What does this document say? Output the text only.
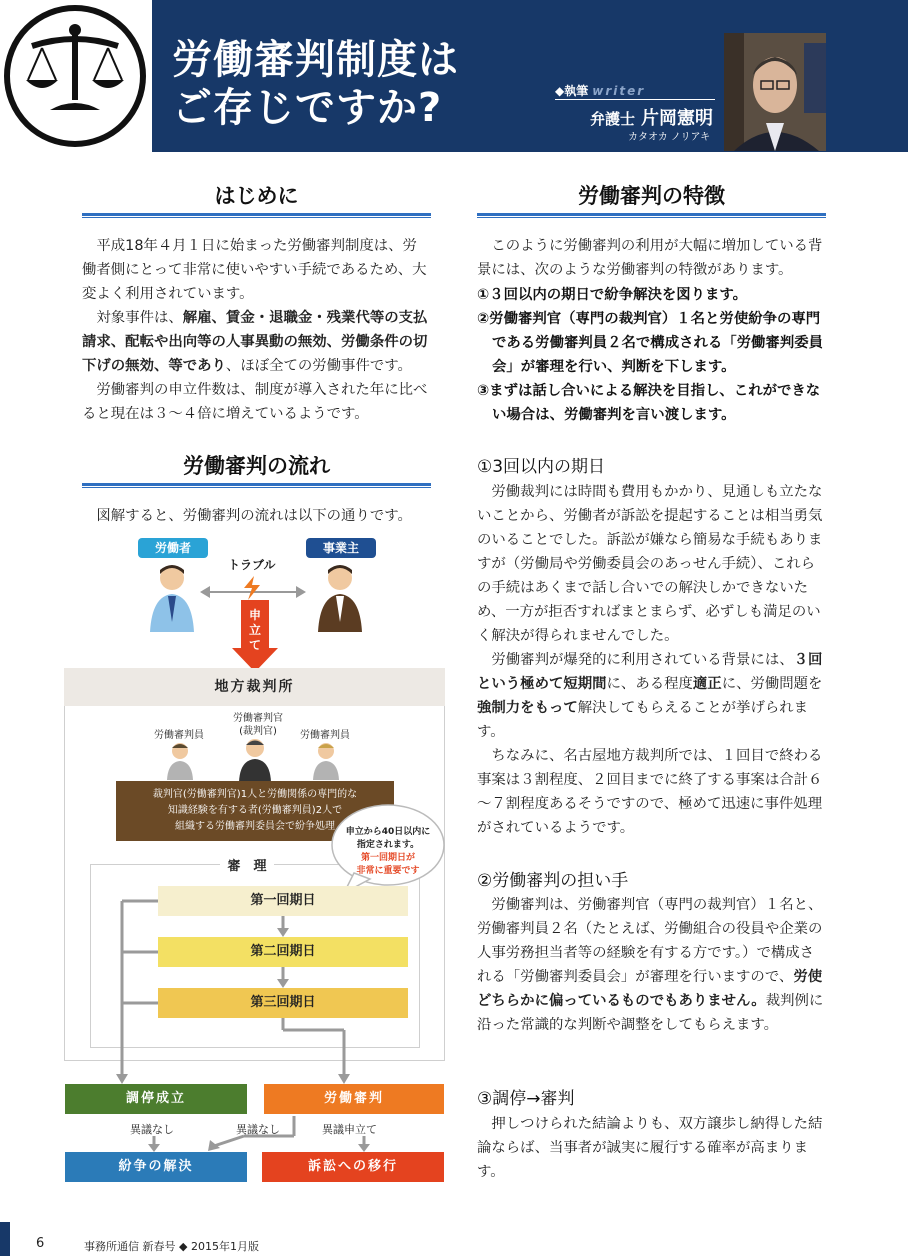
労働審判制度は
ご存じですか?	◆執筆 writer
弁護士 片岡憲明
カタオカ ノリアキ
はじめに

平成18年４月１日に始まった労働審判制度は、労働者側にとって非常に使いやすい手続であるため、大変よく利用されています。

対象事件は、解雇、賃金・退職金・残業代等の支払請求、配転や出向等の人事異動の無効、労働条件の切下げの無効、等であり、ほぼ全ての労働事件です。

労働審判の申立件数は、制度が導入された年に比べると現在は３～４倍に増えているようです。

労働審判の流れ

図解すると、労働審判の流れは以下の通りです。

労働者	事業主
トラブル
申
立
て
地方裁判所
労働審判員
労働審判官
(裁判官)	労働審判員
裁判官(労働審判官)1人と労働関係の専門的な
知識経験を有する者(労働審判員)2人で
組織する労働審判委員会で紛争処理
審　理
申立から40日以内に
指定されます。
第一回期日が
非常に重要です
第一回期日
第二回期日
第三回期日
調停成立	労働審判
異議なし	異議なし	異議申立て
紛争の解決	訴訟への移行
労働審判の特徴

このように労働審判の利用が大幅に増加している背景には、次のような労働審判の特徴があります。

①３回以内の期日で紛争解決を図ります。
②労働審判官（専門の裁判官）１名と労使紛争の専門である労働審判員２名で構成される「労働審判委員会」が審理を行い、判断を下します。
③まずは話し合いによる解決を目指し、これができない場合は、労働審判を言い渡します。
①3回以内の期日

労働裁判には時間も費用もかかり、見通しも立たないことから、労働者が訴訟を提起することは相当勇気のいることでした。訴訟が嫌なら簡易な手続もありますが（労働局や労働委員会のあっせん手続）、これらの手続はあくまで話し合いでの解決しかできないため、一方が拒否すればまとまらず、必ずしも満足のいく解決が得られませんでした。

労働審判が爆発的に利用されている背景には、３回という極めて短期間に、ある程度適正に、労働問題を強制力をもって解決してもらえることが挙げられます。

ちなみに、名古屋地方裁判所では、１回目で終わる事案は３割程度、２回目までに終了する事案は合計６～７割程度あるそうですので、極めて迅速に事件処理がされているようです。

②労働審判の担い手

労働審判は、労働審判官（専門の裁判官）１名と、労働審判員２名（たとえば、労働組合の役員や企業の人事労務担当者等の経験を有する方です。）で構成される「労働審判委員会」が審理を行いますので、労使どちらかに偏っているものでもありません。裁判例に沿った常識的な判断や調整をしてもらえます。

③調停→審判

押しつけられた結論よりも、双方譲歩し納得した結論ならば、当事者が誠実に履行する確率が高まります。

6	事務所通信 新春号 ◆ 2015年1月版
